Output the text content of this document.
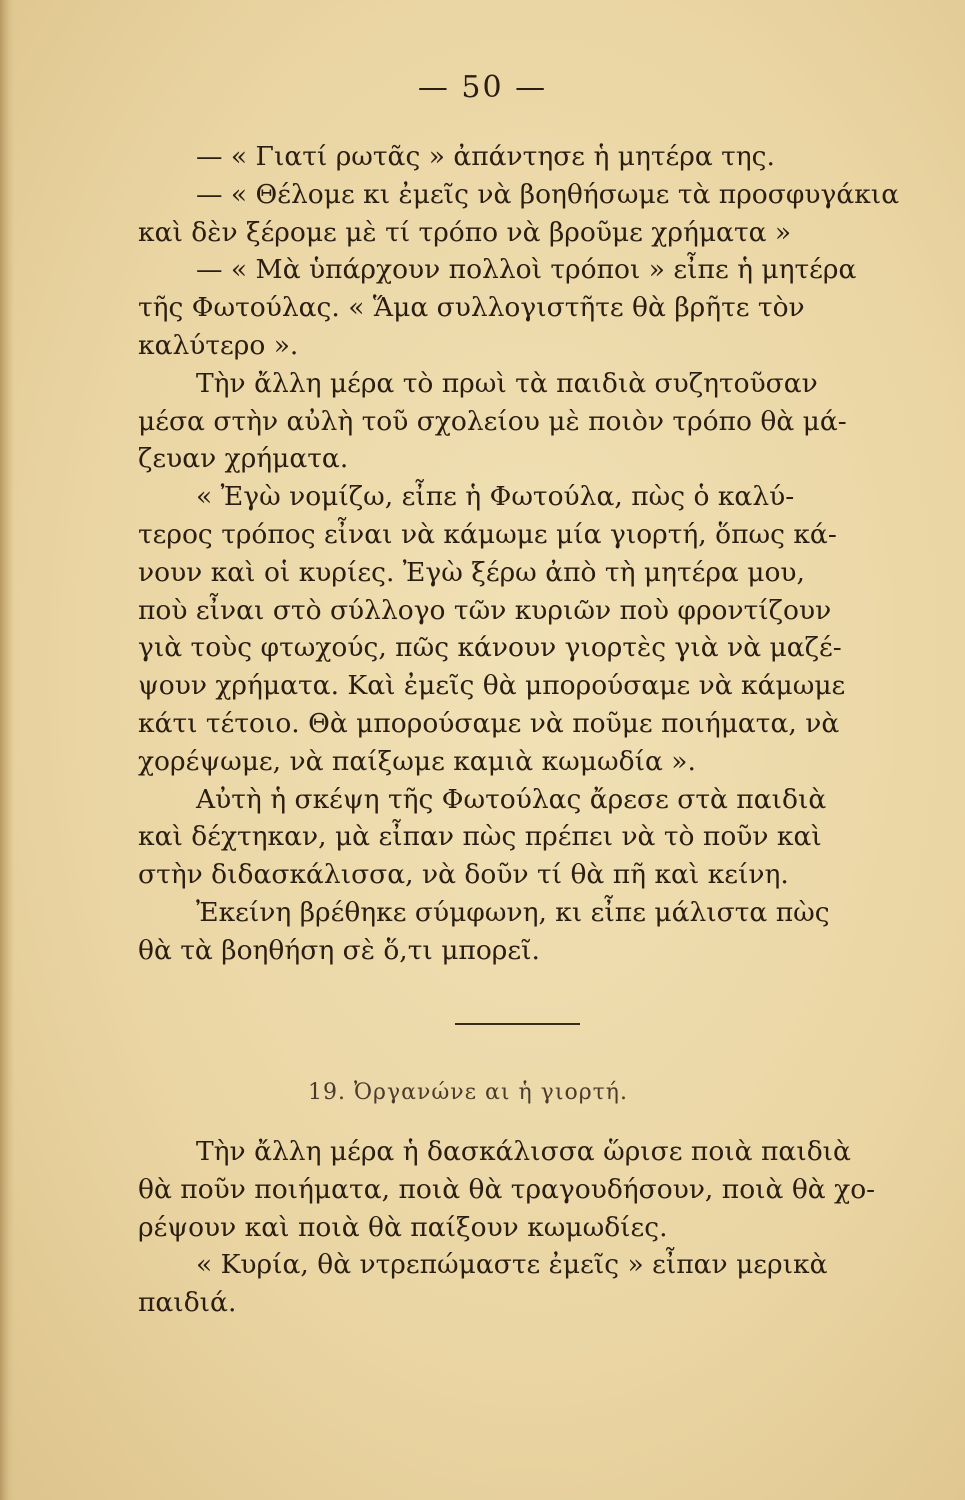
— 50 —
— « Γιατί ρωτᾶς » ἀπάντησε ἡ μητέρα της.
— « Θέλομε κι ἐμεῖς νὰ βοηθήσωμε τὰ προσφυγάκια
καὶ δὲν ξέρομε μὲ τί τρόπο νὰ βροῦμε χρήματα »
— « Μὰ ὑπάρχουν πολλοὶ τρόποι » εἶπε ἡ μητέρα
τῆς Φωτούλας. « Ἅμα συλλογιστῆτε θὰ βρῆτε τὸν
καλύτερο ».
Τὴν ἄλλη μέρα τὸ πρωὶ τὰ παιδιὰ συζητοῦσαν
μέσα στὴν αὐλὴ τοῦ σχολείου μὲ ποιὸν τρόπο θὰ μά-
ζευαν χρήματα.
« Ἐγὼ νομίζω, εἶπε ἡ Φωτούλα, πὼς ὁ καλύ-
τερος τρόπος εἶναι νὰ κάμωμε μία γιορτή, ὅπως κά-
νουν καὶ οἱ κυρίες. Ἐγὼ ξέρω ἀπὸ τὴ μητέρα μου,
ποὺ εἶναι στὸ σύλλογο τῶν κυριῶν ποὺ φροντίζουν
γιὰ τοὺς φτωχούς, πῶς κάνουν γιορτὲς γιὰ νὰ μαζέ-
ψουν χρήματα. Καὶ ἐμεῖς θὰ μπορούσαμε νὰ κάμωμε
κάτι τέτοιο. Θὰ μπορούσαμε νὰ ποῦμε ποιήματα, νὰ
χορέψωμε, νὰ παίξωμε καμιὰ κωμωδία ».
Αὐτὴ ἡ σκέψη τῆς Φωτούλας ἄρεσε στὰ παιδιὰ
καὶ δέχτηκαν, μὰ εἶπαν πὼς πρέπει νὰ τὸ ποῦν καὶ
στὴν διδασκάλισσα, νὰ δοῦν τί θὰ πῆ καὶ κείνη.
Ἐκείνη βρέθηκε σύμφωνη, κι εἶπε μάλιστα πὼς
θὰ τὰ βοηθήση σὲ ὅ,τι μπορεῖ.
19. Ὀργανώνε αι ἡ γιορτή.
Τὴν ἄλλη μέρα ἡ δασκάλισσα ὥρισε ποιὰ παιδιὰ
θὰ ποῦν ποιήματα, ποιὰ θὰ τραγουδήσουν, ποιὰ θὰ χο-
ρέψουν καὶ ποιὰ θὰ παίξουν κωμωδίες.
« Κυρία, θὰ ντρεπώμαστε ἐμεῖς » εἶπαν μερικὰ
παιδιά.
